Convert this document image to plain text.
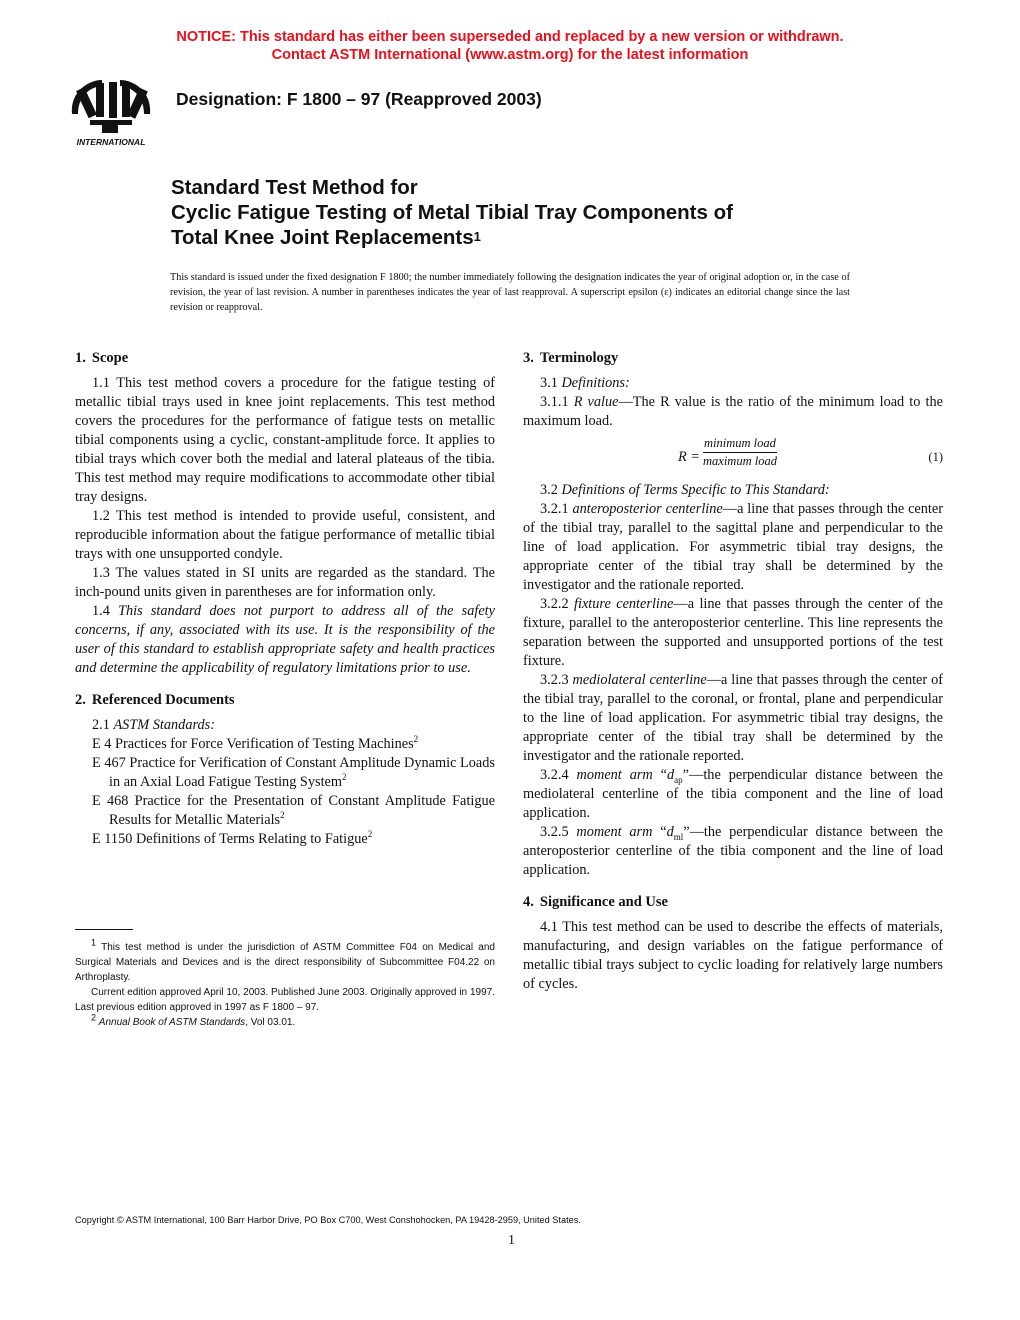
NOTICE: This standard has either been superseded and replaced by a new version or withdrawn.
Contact ASTM International (www.astm.org) for the latest information
INTERNATIONAL
Designation: F 1800 – 97 (Reapproved 2003)
Standard Test Method for
Cyclic Fatigue Testing of Metal Tibial Tray Components of
Total Knee Joint Replacements$^1$
This standard is issued under the fixed designation F 1800; the number immediately following the designation indicates the year of original adoption or, in the case of revision, the year of last revision. A number in parentheses indicates the year of last reapproval. A superscript epsilon (ε) indicates an editorial change since the last revision or reapproval.
1. Scope

1.1 This test method covers a procedure for the fatigue testing of metallic tibial trays used in knee joint replacements. This test method covers the procedures for the performance of fatigue tests on metallic tibial components using a cyclic, constant-amplitude force. It applies to tibial trays which cover both the medial and lateral plateaus of the tibia. This test method may require modifications to accommodate other tibial tray designs.

1.2 This test method is intended to provide useful, consistent, and reproducible information about the fatigue performance of metallic tibial trays with one unsupported condyle.

1.3 The values stated in SI units are regarded as the standard. The inch-pound units given in parentheses are for information only.

1.4 This standard does not purport to address all of the safety concerns, if any, associated with its use. It is the responsibility of the user of this standard to establish appropriate safety and health practices and determine the applicability of regulatory limitations prior to use.

2. Referenced Documents

2.1 ASTM Standards:

E 4 Practices for Force Verification of Testing Machines$^2$

E 467 Practice for Verification of Constant Amplitude Dynamic Loads in an Axial Load Fatigue Testing System$^2$

E 468 Practice for the Presentation of Constant Amplitude Fatigue Results for Metallic Materials$^2$

E 1150 Definitions of Terms Relating to Fatigue$^2$

$^1$ This test method is under the jurisdiction of ASTM Committee F04 on Medical and Surgical Materials and Devices and is the direct responsibility of Subcommittee F04.22 on Arthroplasty.

Current edition approved April 10, 2003. Published June 2003. Originally approved in 1997. Last previous edition approved in 1997 as F 1800 – 97.

$^2$ Annual Book of ASTM Standards, Vol 03.01.

3. Terminology

3.1 Definitions:

3.1.1 R value—The R value is the ratio of the minimum load to the maximum load.

R =
minimum load
maximum load	(1)

3.2 Definitions of Terms Specific to This Standard:

3.2.1 anteroposterior centerline—a line that passes through the center of the tibial tray, parallel to the sagittal plane and perpendicular to the line of load application. For asymmetric tibial tray designs, the appropriate center of the tibial tray shall be determined by the investigator and the rationale reported.

3.2.2 fixture centerline—a line that passes through the center of the fixture, parallel to the anteroposterior centerline. This line represents the separation between the supported and unsupported portions of the test fixture.

3.2.3 mediolateral centerline—a line that passes through the center of the tibial tray, parallel to the coronal, or frontal, plane and perpendicular to the line of load application. For asymmetric tibial tray designs, the appropriate center of the tibial tray shall be determined by the investigator and the rationale reported.

3.2.4 moment arm “$d_{ap}”—the$ perpendicular distance between the mediolateral centerline of the tibia component and the line of load application.

3.2.5 moment arm “$d_{ml}”—the$ perpendicular distance between the anteroposterior centerline of the tibia component and the line of load application.

4. Significance and Use

4.1 This test method can be used to describe the effects of materials, manufacturing, and design variables on the fatigue performance of metallic tibial trays subject to cyclic loading for relatively large numbers of cycles.

Copyright © ASTM International, 100 Barr Harbor Drive, PO Box C700, West Conshohocken, PA 19428-2959, United States.
1
